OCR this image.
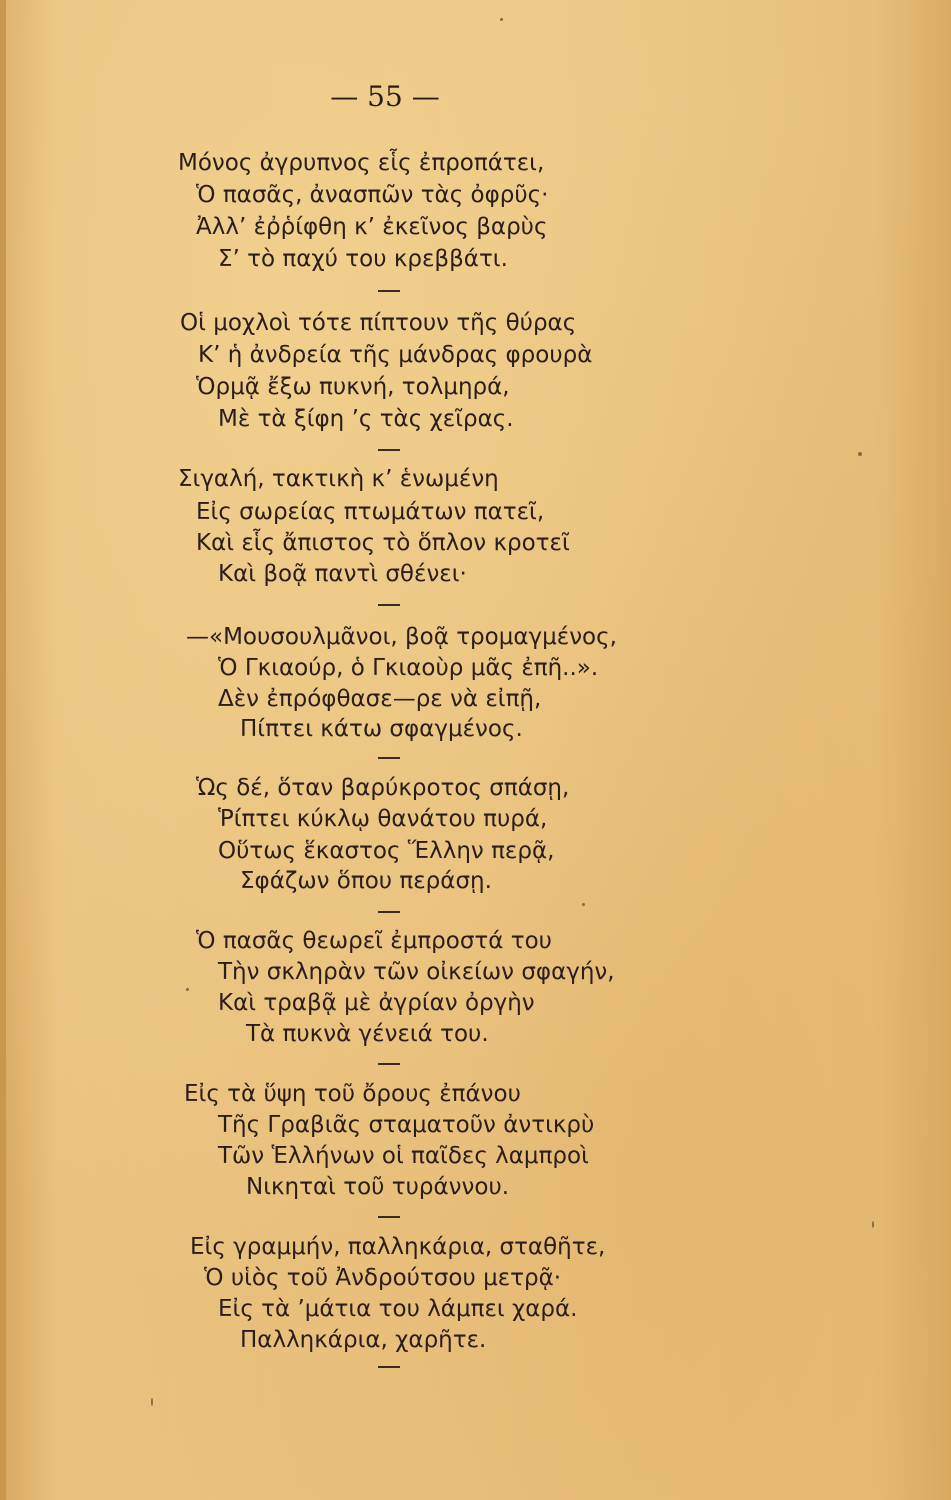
— 55 —
Μόνος ἀγρυπνος εἷς ἐπροπάτει,
Ὁ πασᾶς, ἀνασπῶν τὰς ὀφρῦς·
Ἀλλ’ ἐῤῥίφθη κ’ ἐκεῖνος βαρὺς
Σ’ τὸ παχύ του κρεββάτι.
Οἱ μοχλοὶ τότε πίπτουν τῆς θύρας
Κ’ ἡ ἀνδρεία τῆς μάνδρας φρουρὰ
Ὁρμᾷ ἔξω πυκνή, τολμηρά,
Μὲ τὰ ξίφη ’ς τὰς χεῖρας.
Σιγαλή, τακτικὴ κ’ ἑνωμένη
Εἰς σωρείας πτωμάτων πατεῖ,
Καὶ εἷς ἄπιστος τὸ ὅπλον κροτεῖ
Καὶ βοᾷ παντὶ σθένει·
—«Μουσουλμᾶνοι, βοᾷ τρομαγμένος,
Ὁ Γκιαούρ, ὁ Γκιαοὺρ μᾶς ἐπῆ..».
Δὲν ἐπρόφθασε—ρε νὰ εἰπῇ,
Πίπτει κάτω σφαγμένος.
Ὡς δέ, ὅταν βαρύκροτος σπάσῃ,
Ῥίπτει κύκλῳ θανάτου πυρά,
Οὕτως ἕκαστος Ἕλλην περᾷ,
Σφάζων ὅπου περάσῃ.
Ὁ πασᾶς θεωρεῖ ἐμπροστά του
Τὴν σκληρὰν τῶν οἰκείων σφαγήν,
Καὶ τραβᾷ μὲ ἀγρίαν ὀργὴν
Τὰ πυκνὰ γένειά του.
Εἰς τὰ ὕψη τοῦ ὄρους ἐπάνου
Τῆς Γραβιᾶς σταματοῦν ἀντικρὺ
Τῶν Ἑλλήνων οἱ παῖδες λαμπροὶ
Νικηταὶ τοῦ τυράννου.
Εἰς γραμμήν, παλληκάρια, σταθῆτε,
Ὁ υἱὸς τοῦ Ἀνδρούτσου μετρᾷ·
Εἰς τὰ ’μάτια του λάμπει χαρά.
Παλληκάρια, χαρῆτε.
